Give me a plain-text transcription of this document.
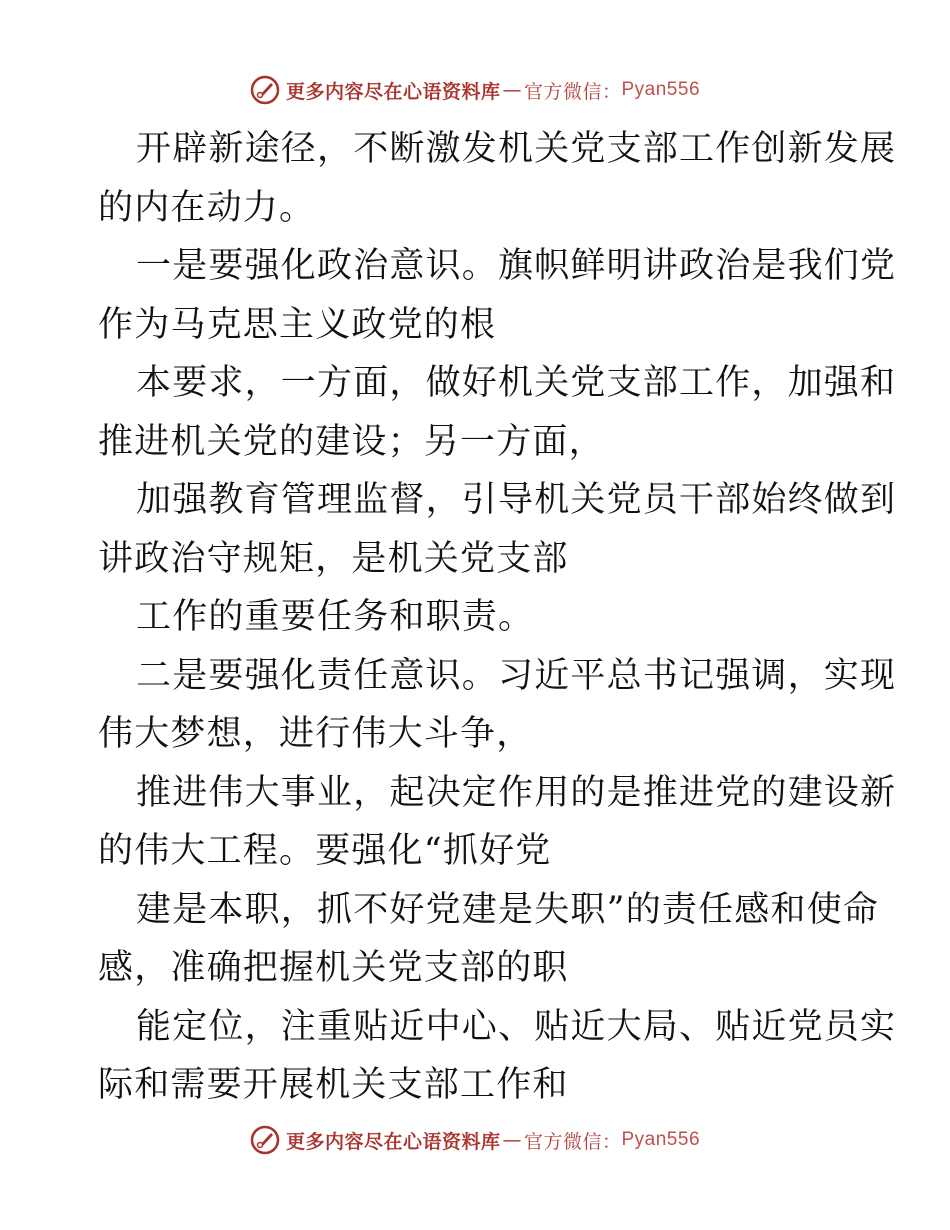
更多内容尽在心语资料库 — 官方微信： Pyan556
开辟新途径，不断激发机关党支部工作创新发展
的内在动力。
一是要强化政治意识。旗帜鲜明讲政治是我们党
作为马克思主义政党的根
本要求，一方面，做好机关党支部工作，加强和
推进机关党的建设；另一方面，
加强教育管理监督，引导机关党员干部始终做到
讲政治守规矩，是机关党支部
工作的重要任务和职责。
二是要强化责任意识。习近平总书记强调，实现
伟大梦想，进行伟大斗争，
推进伟大事业，起决定作用的是推进党的建设新
的伟大工程。要强化“抓好党
建是本职，抓不好党建是失职”的责任感和使命
感，准确把握机关党支部的职
能定位，注重贴近中心、贴近大局、贴近党员实
际和需要开展机关支部工作和
更多内容尽在心语资料库 — 官方微信： Pyan556
